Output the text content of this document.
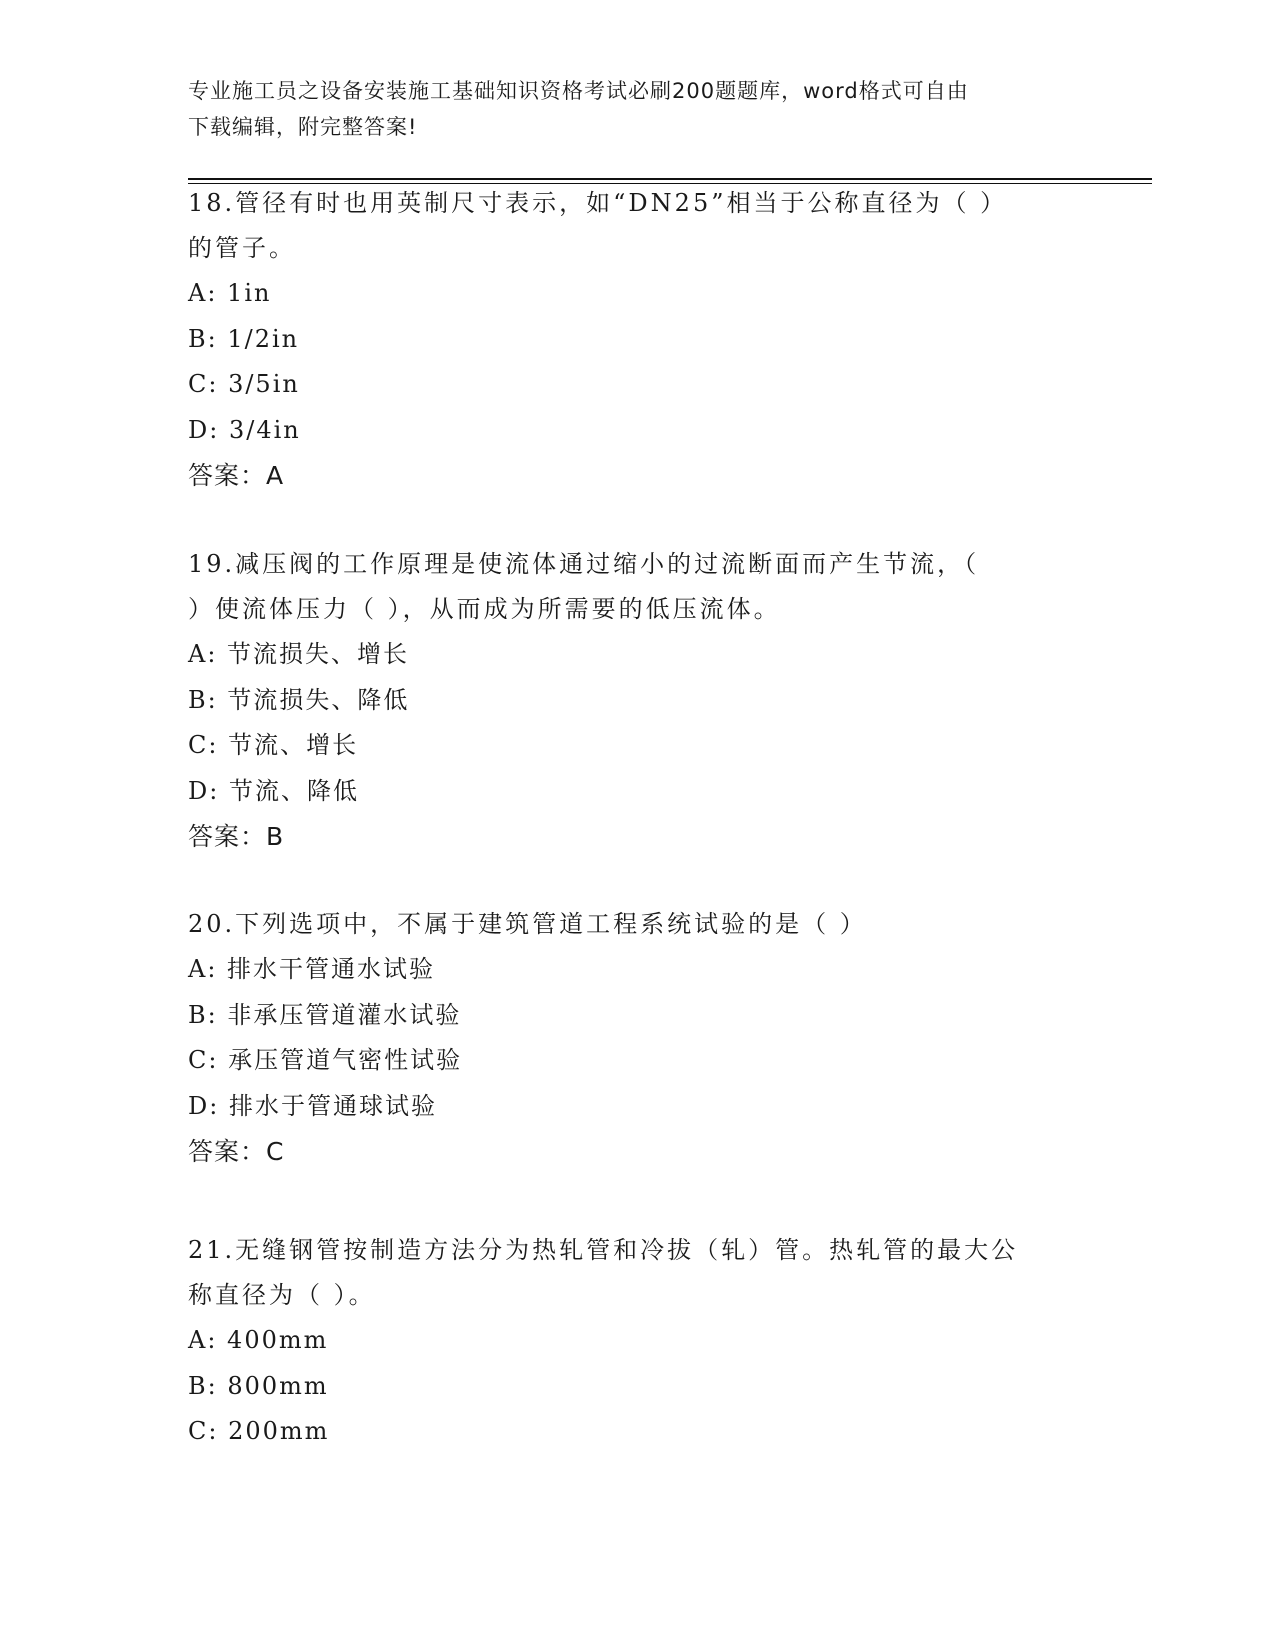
专业施工员之设备安装施工基础知识资格考试必刷200题题库，word格式可自由
下载编辑，附完整答案!

18.管径有时也用英制尺寸表示，如“DN25”相当于公称直径为（ ）

的管子。

A: 1in

B: 1/2in

C: 3/5in

D: 3/4in

答案：A

19.减压阀的工作原理是使流体通过缩小的过流断面而产生节流，（

）使流体压力（ ），从而成为所需要的低压流体。

A: 节流损失、增长

B: 节流损失、降低

C: 节流、增长

D: 节流、降低

答案：B

20.下列选项中，不属于建筑管道工程系统试验的是（ ）

A: 排水干管通水试验

B: 非承压管道灌水试验

C: 承压管道气密性试验

D: 排水于管通球试验

答案：C

21.无缝钢管按制造方法分为热轧管和冷拔（轧）管。热轧管的最大公

称直径为（ ）。

A: 400mm

B: 800mm

C: 200mm
